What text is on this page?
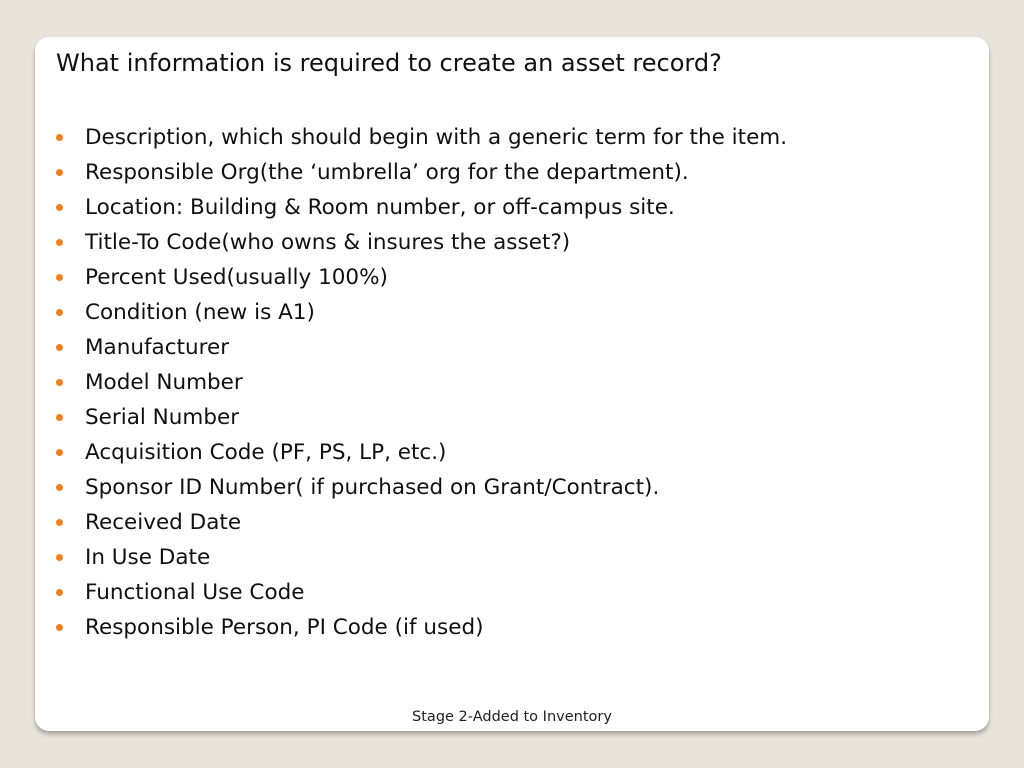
What information is required to create an asset record?
Description, which should begin with a generic term for the item.
Responsible Org(the ‘umbrella’ org for the department).
Location: Building & Room number, or off-campus site.
Title-To Code(who owns & insures the asset?)
Percent Used(usually 100%)
Condition (new is A1)
Manufacturer
Model Number
Serial Number
Acquisition Code (PF, PS, LP, etc.)
Sponsor ID Number( if purchased on Grant/Contract).
Received Date
In Use Date
Functional Use Code
Responsible Person, PI Code (if used)
Stage 2-Added to Inventory
